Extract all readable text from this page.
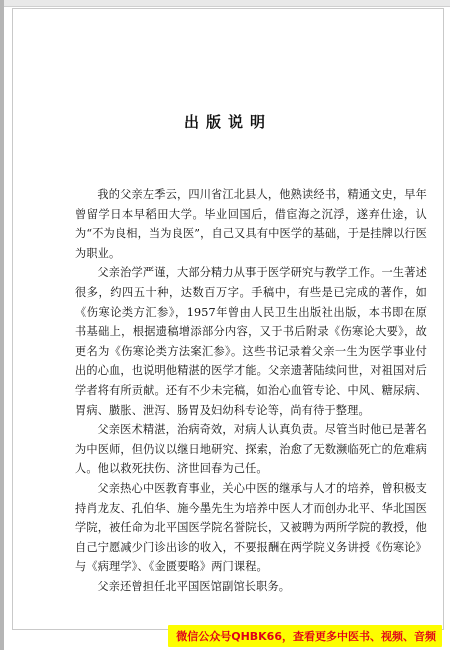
出版说明

我的父亲左季云，四川省江北县人，他熟读经书，精通文史，早年曾留学日本早稻田大学。毕业回国后，借宦海之沉浮，遂弃仕途，认为“不为良相，当为良医”，自己又具有中医学的基础，于是挂牌以行医为职业。

父亲治学严谨，大部分精力从事于医学研究与教学工作。一生著述很多，约四五十种，达数百万字。手稿中，有些是已完成的著作，如《伤寒论类方汇参》，1957年曾由人民卫生出版社出版，本书即在原书基础上，根据遗稿增添部分内容，又于书后附录《伤寒论大要》，故更名为《伤寒论类方法案汇参》。这些书记录着父亲一生为医学事业付出的心血，也说明他精湛的医学才能。父亲遗著陆续问世，对祖国对后学者将有所贡献。还有不少未完稿，如治心血管专论、中风、糖尿病、胃病、臌胀、泄泻、肠胃及妇幼科专论等，尚有待于整理。

父亲医术精湛，治病奇效，对病人认真负责。尽管当时他已是著名为中医师，但仍议以继日地研究、探索，治愈了无数濒临死亡的危难病人。他以救死扶伤、济世回春为己任。

父亲热心中医教育事业，关心中医的继承与人才的培养，曾积极支持肖龙友、孔伯华、施今墨先生为培养中医人才而创办北平、华北国医学院，被任命为北平国医学院名誉院长，又被聘为两所学院的教授，他自己宁愿减少门诊出诊的收入，不要报酬在两学院义务讲授《伤寒论》与《病理学》、《金匮要略》两门课程。

父亲还曾担任北平国医馆副馆长职务。

微信公众号QHBK66，查看更多中医书、视频、音频
